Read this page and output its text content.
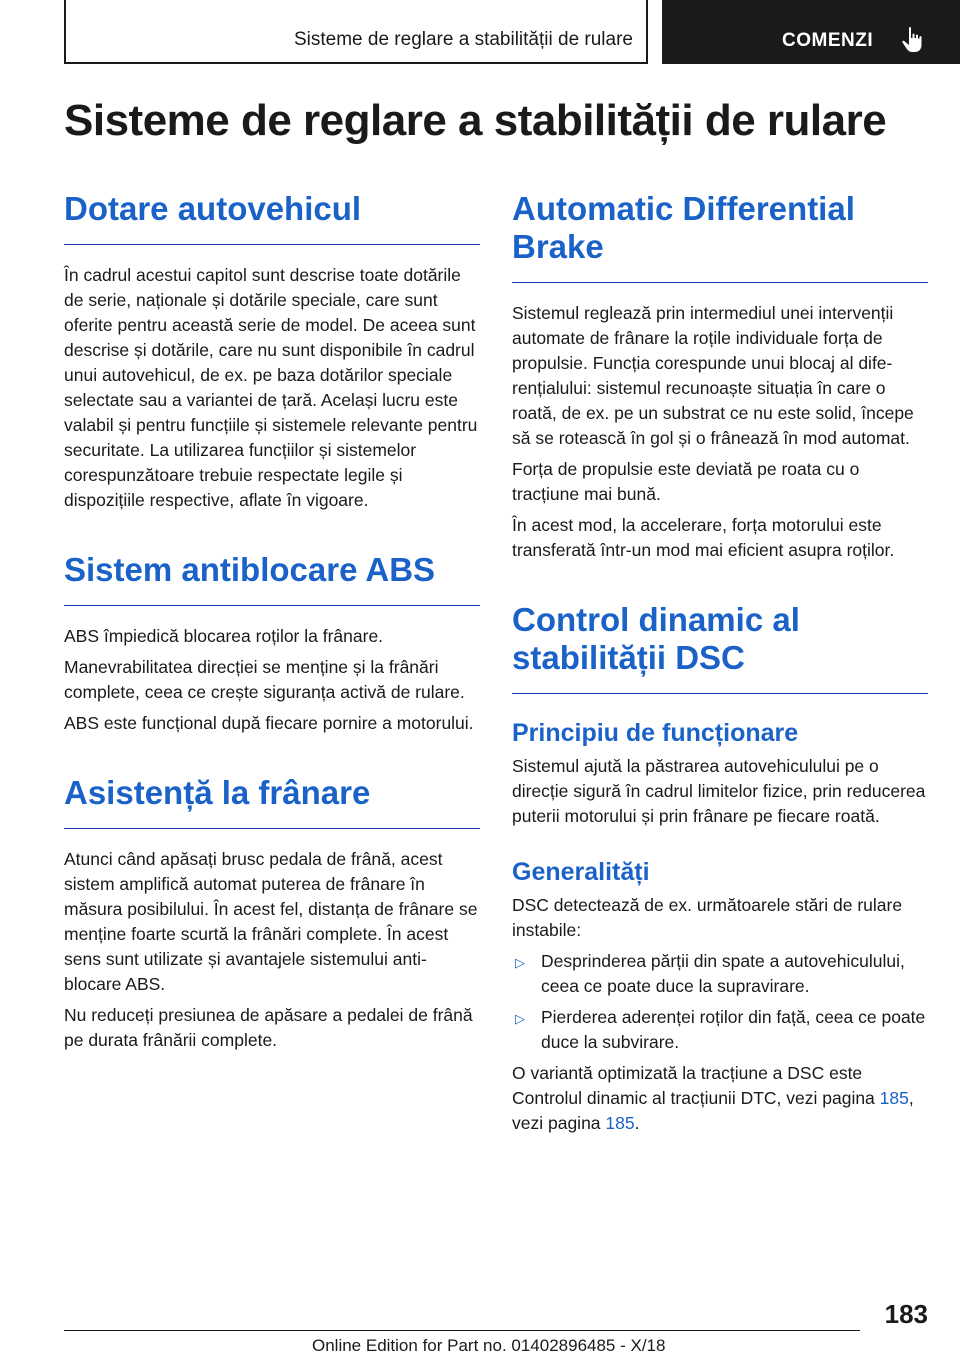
Sisteme de reglare a stabilității de rulare	COMENZI
Sisteme de reglare a stabilității de rulare
Dotare autovehicul

În cadrul acestui capitol sunt descrise toate dotările de serie, naționale și dotările speciale, care sunt oferite pentru această serie de model. De aceea sunt descrise și dotările, care nu sunt disponibile în cadrul unui autovehicul, de ex. pe baza dotărilor speciale selectate sau a variantei de țară. Același lucru este valabil și pentru funcțiile și sistemele relevante pentru securitate. La utilizarea funcțiilor și sistemelor corespunzătoare trebuie respectate legile și dispozițiile respective, aflate în vigoare.

Sistem antiblocare ABS

ABS împiedică blocarea roților la frânare.

Manevrabilitatea direcției se menține și la frânări complete, ceea ce crește siguranța activă de rulare.

ABS este funcțional după fiecare pornire a motorului.

Asistență la frânare

Atunci când apăsați brusc pedala de frână, acest sistem amplifică automat puterea de frânare în măsura posibilului. În acest fel, distanța de frânare se menține foarte scurtă la frânări complete. În acest sens sunt utilizate și avantajele sistemului anti-blocare ABS.

Nu reduceți presiunea de apăsare a pedalei de frână pe durata frânării complete.

Automatic Differential Brake

Sistemul reglează prin intermediul unei intervenții automate de frânare la roțile individuale forța de propulsie. Funcția corespunde unui blocaj al diferențialului: sistemul recunoaște situația în care o roată, de ex. pe un substrat ce nu este solid, începe să se rotească în gol și o frânează în mod automat.

Forța de propulsie este deviată pe roata cu o tracțiune mai bună.

În acest mod, la accelerare, forța motorului este transferată într-un mod mai eficient asupra roților.

Control dinamic al stabilității DSC
Principiu de funcționare

Sistemul ajută la păstrarea autovehiculului pe o direcție sigură în cadrul limitelor fizice, prin reducerea puterii motorului și prin frânare pe fiecare roată.

Generalități

DSC detectează de ex. următoarele stări de rulare instabile:

▷ Desprinderea părții din spate a autovehiculului, ceea ce poate duce la supravirare.
▷ Pierderea aderenței roților din față, ceea ce poate duce la subvirare.

O variantă optimizată la tracțiune a DSC este Controlul dinamic al tracțiunii DTC, vezi pagina 185, vezi pagina 185.

183
Online Edition for Part no. 01402896485 - X/18
